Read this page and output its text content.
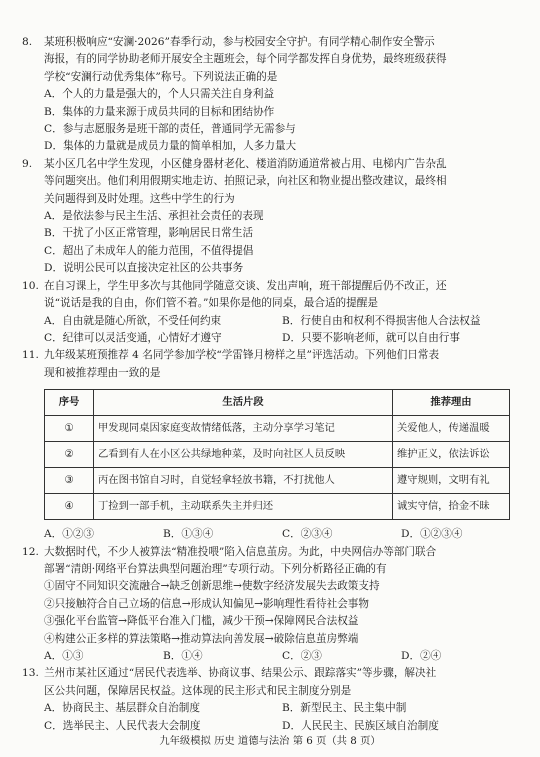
8.	某班积极响应“安澜·2026”春季行动，参与校园安全守护。有同学精心制作安全警示
海报，有的同学协助老师开展安全主题班会，每个同学都发挥自身优势，最终班级获得
学校“安澜行动优秀集体”称号。下列说法正确的是
A．个人的力量是强大的，个人只需关注自身利益
B．集体的力量来源于成员共同的目标和团结协作
C．参与志愿服务是班干部的责任，普通同学无需参与
D．集体的力量就是成员力量的简单相加，人多力量大
9.	某小区几名中学生发现，小区健身器材老化、楼道消防通道常被占用、电梯内广告杂乱
等问题突出。他们利用假期实地走访、拍照记录，向社区和物业提出整改建议，最终相
关问题得到及时处理。这些中学生的行为
A．是依法参与民主生活、承担社会责任的表现
B．干扰了小区正常管理，影响居民日常生活
C．超出了未成年人的能力范围，不值得提倡
D．说明公民可以直接决定社区的公共事务
10. 在自习课上，学生甲多次与其他同学随意交谈、发出声响，班干部提醒后仍不改正，还
说“说话是我的自由，你们管不着。”如果你是他的同桌，最合适的提醒是
A．自由就是随心所欲，不受任何约束	B．行使自由和权利不得损害他人合法权益
C．纪律可以灵活变通，心情好才遵守	D．只要不影响老师，就可以自由行事
11. 九年级某班预推荐 4 名同学参加学校“学雷锋月榜样之星”评选活动。下列他们日常表
现和被推荐理由一致的是
序号	生活片段	推荐理由
①	甲发现同桌因家庭变故情绪低落，主动分享学习笔记	关爱他人，传递温暖
②	乙看到有人在小区公共绿地种菜，及时向社区人员反映	维护正义，依法诉讼
③	丙在图书馆自习时，自觉轻拿轻放书籍，不打扰他人	遵守规则，文明有礼
④	丁捡到一部手机，主动联系失主并归还	诚实守信，拾金不昧
A．①②③	B．①③④	C．②③④	D．①②③④
12. 大数据时代，不少人被算法“精准投喂”陷入信息茧房。为此，中央网信办等部门联合
部署“清朗·网络平台算法典型问题治理”专项行动。下列分析路径正确的有
①固守不同知识交流融合→缺乏创新思维→使数字经济发展失去政策支持
②只接触符合自己立场的信息→形成认知偏见→影响理性看待社会事物
③强化平台监管→降低平台准入门槛，减少干预→保障网民合法权益
④构建公正多样的算法策略→推动算法向善发展→破除信息茧房弊端
A．①③	B．①④	C．②③	D．②④
13. 兰州市某社区通过“居民代表选举、协商议事、结果公示、跟踪落实”等步骤，解决社
区公共问题，保障居民权益。这体现的民主形式和民主制度分别是
A．协商民主、基层群众自治制度	B．新型民主、民主集中制
C．选举民主、人民代表大会制度	D．人民民主、民族区域自治制度
九年级模拟 历史 道德与法治 第 6 页（共 8 页）
